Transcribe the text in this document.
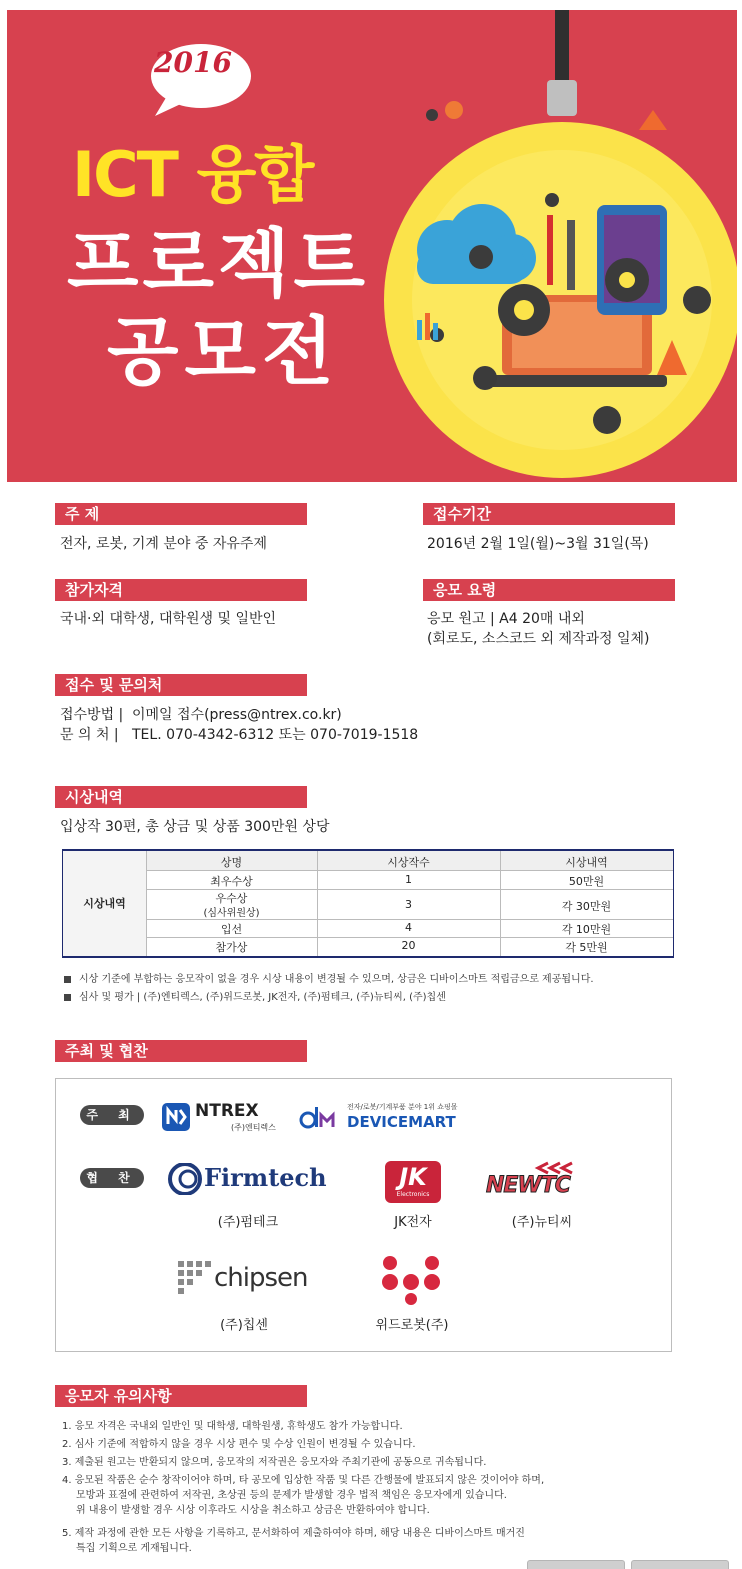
2016
ICT 융합
프로젝트
공모전
주 제
전자, 로봇, 기계 분야 중 자유주제
접수기간
2016년 2월 1일(월)~3월 31일(목)
참가자격
국내·외 대학생, 대학원생 및 일반인
응모 요령
응모 원고 | A4 20매 내외
(회로도, 소스코드 외 제작과정 일체)
접수 및 문의처
접수방법 | 이메일 접수(press@ntrex.co.kr)
문 의 처 | TEL. 070-4342-6312 또는 070-7019-1518
시상내역
입상작 30편, 총 상금 및 상품 300만원 상당
시상내역
상명	시상작수	시상내역
최우수상	1	50만원
우수상
(심사위원상)
3	각 30만원
입선	4	각 10만원
참가상	20	각 5만원
시상 기준에 부합하는 응모작이 없을 경우 시상 내용이 변경될 수 있으며, 상금은 디바이스마트 적립금으로 제공됩니다.
심사 및 평가 | (주)엔티렉스, (주)위드로봇, JK전자, (주)펌테크, (주)뉴티씨, (주)칩센
주최 및 협찬
주 최
협 찬
NTREX
(주)엔티렉스
전자/로봇/기계부품 분야 1위 쇼핑몰
DEVICEMART
Firmtech
(주)펌테크
JK
Electronics
JK전자
NEWTC
(주)뉴티씨
chipsen
(주)칩센	위드로봇(주)
응모자 유의사항
1. 응모 자격은 국내외 일반인 및 대학생, 대학원생, 휴학생도 참가 가능합니다.
2. 심사 기준에 적합하지 않을 경우 시상 편수 및 수상 인원이 변경될 수 있습니다.
3. 제출된 원고는 반환되지 않으며, 응모작의 저작권은 응모자와 주최기관에 공동으로 귀속됩니다.
4. 응모된 작품은 순수 창작이어야 하며, 타 공모에 입상한 작품 및 다른 간행물에 발표되지 않은 것이어야 하며,
모방과 표절에 관련하여 저작권, 초상권 등의 문제가 발생할 경우 법적 책임은 응모자에게 있습니다.
위 내용이 발생할 경우 시상 이후라도 시상을 취소하고 상금은 반환하여야 합니다.
5. 제작 과정에 관한 모든 사항을 기록하고, 문서화하여 제출하여야 하며, 해당 내용은 디바이스마트 매거진
특집 기획으로 게재됩니다.
